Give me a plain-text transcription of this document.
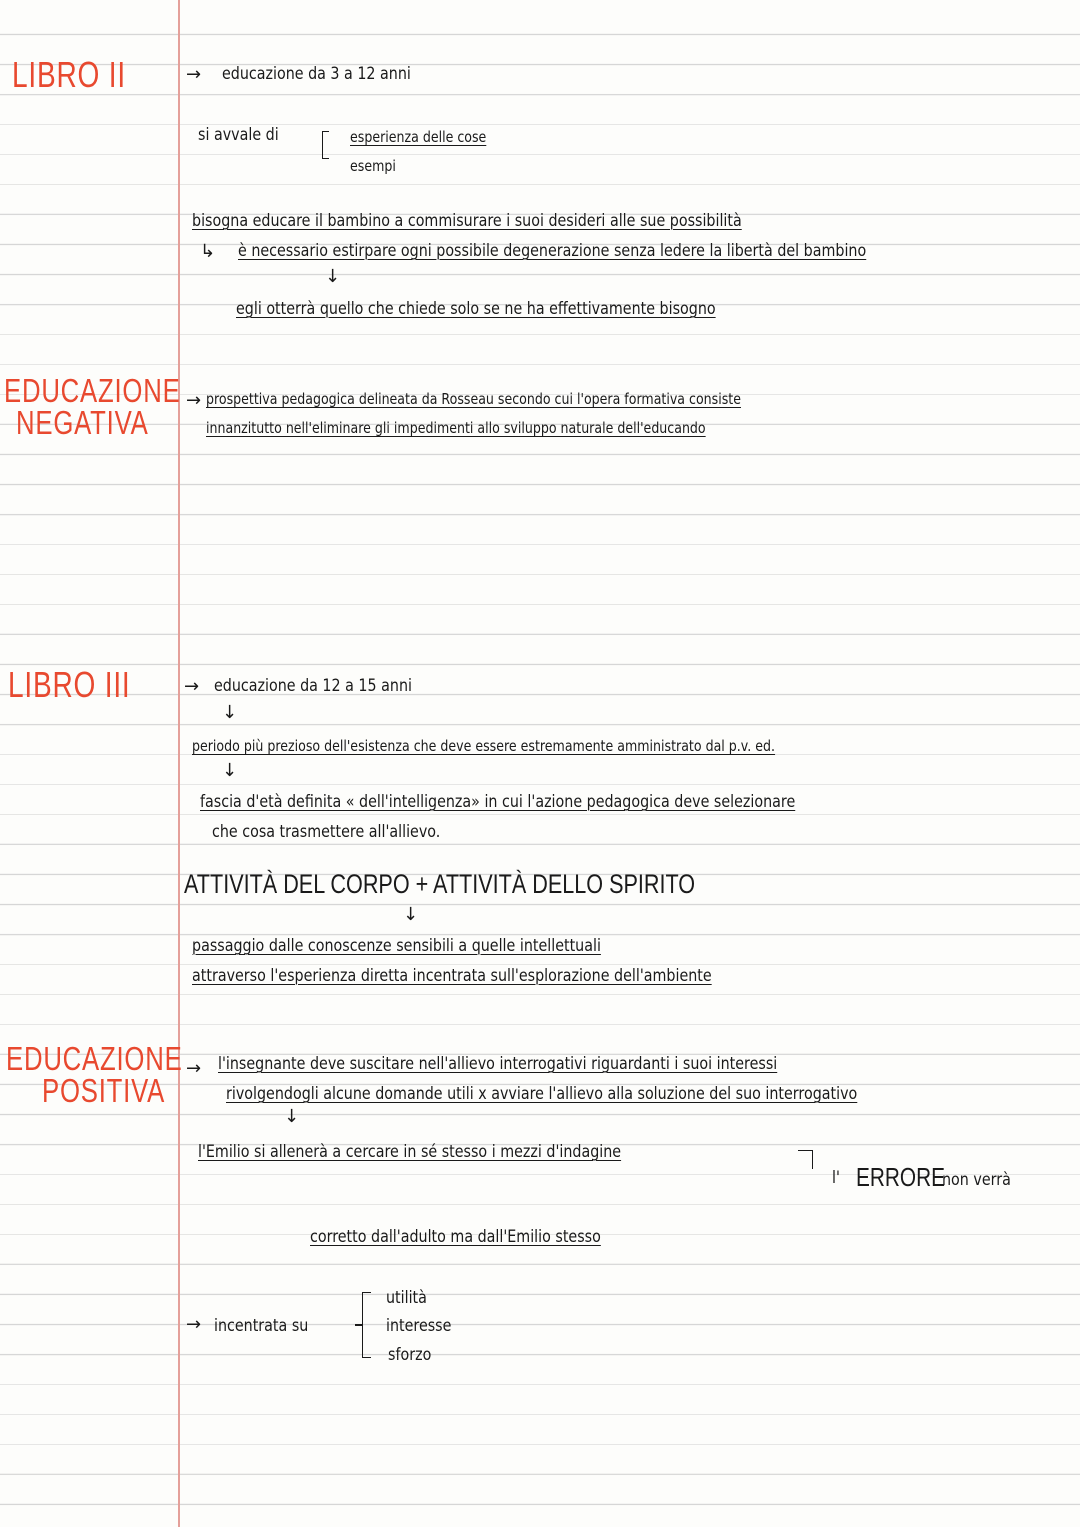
LIBRO II	→ educazione da 3 a 12 anni
si avvale di	esperienza delle cose
esempi
bisogna educare il bambino a commisurare i suoi desideri alle sue possibilità
↳ è necessario estirpare ogni possibile degenerazione senza ledere la libertà del bambino
↓
egli otterrà quello che chiede solo se ne ha effettivamente bisogno
EDUCAZIONE
NEGATIVA
→ prospettiva pedagogica delineata da Rosseau secondo cui l'opera formativa consiste
innanzitutto nell'eliminare gli impedimenti allo sviluppo naturale dell'educando
LIBRO III	→ educazione da 12 a 15 anni
↓
periodo più prezioso dell'esistenza che deve essere estremamente amministrato dal p.v. ed.
↓
fascia d'età definita « dell'intelligenza» in cui l'azione pedagogica deve selezionare
che cosa trasmettere all'allievo.
ATTIVITÀ DEL CORPO + ATTIVITÀ DELLO SPIRITO
↓
passaggio dalle conoscenze sensibili a quelle intellettuali
attraverso l'esperienza diretta incentrata sull'esplorazione dell'ambiente
EDUCAZIONE
POSITIVA
→ l'insegnante deve suscitare nell'allievo interrogativi riguardanti i suoi interessi
rivolgendogli alcune domande utili x avviare l'allievo alla soluzione del suo interrogativo
↓
l'Emilio si allenerà a cercare in sé stesso i mezzi d'indagine
l' ERRORE
non verrà
corretto dall'adulto ma dall'Emilio stesso
→ incentrata su
utilità
interesse
sforzo
